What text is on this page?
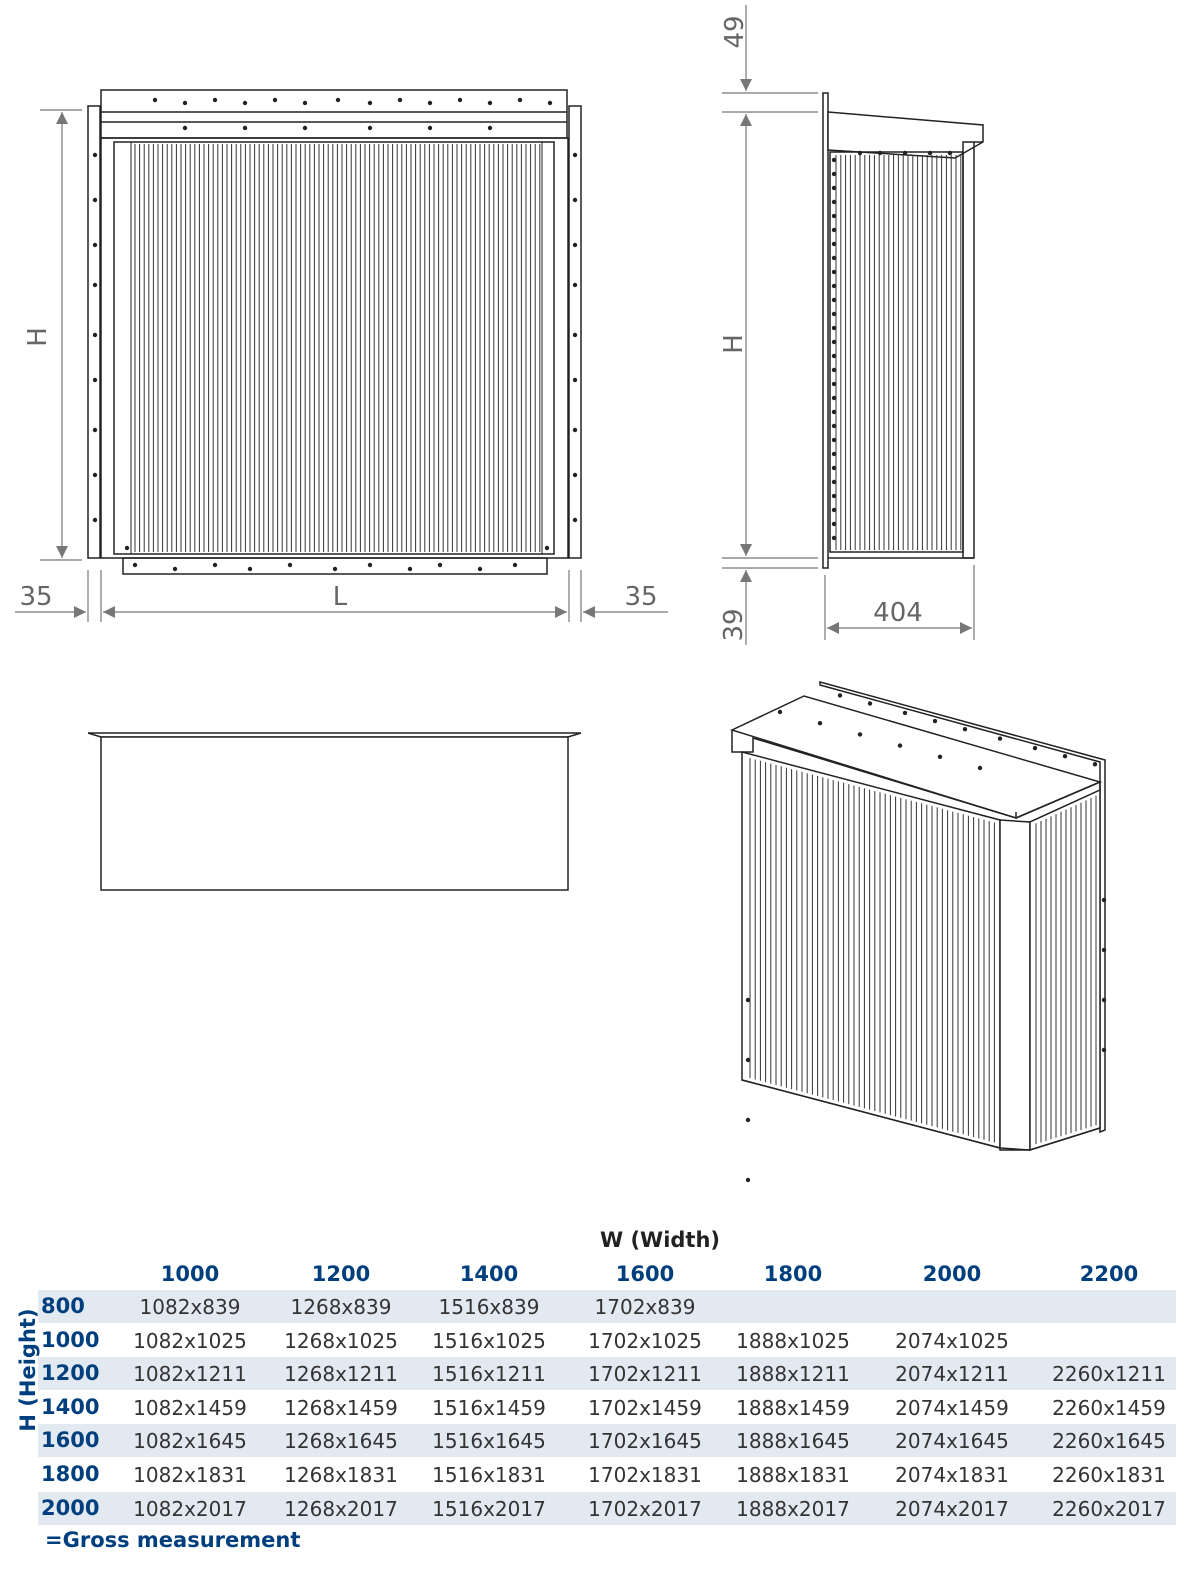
H
L
35	35
49
H
39	404
W (Width)
1000	1200	1400	1600	1800	2000	2200
800	1082x839	1268x839	1516x839	1702x839
1000	1082x1025	1268x1025	1516x1025	1702x1025	1888x1025	2074x1025
1200	1082x1211	1268x1211	1516x1211	1702x1211	1888x1211	2074x1211	2260x1211
1400	1082x1459	1268x1459	1516x1459	1702x1459	1888x1459	2074x1459	2260x1459
1600	1082x1645	1268x1645	1516x1645	1702x1645	1888x1645	2074x1645	2260x1645
1800	1082x1831	1268x1831	1516x1831	1702x1831	1888x1831	2074x1831	2260x1831
2000	1082x2017	1268x2017	1516x2017	1702x2017	1888x2017	2074x2017	2260x2017
=Gross measurement
H (Height)
